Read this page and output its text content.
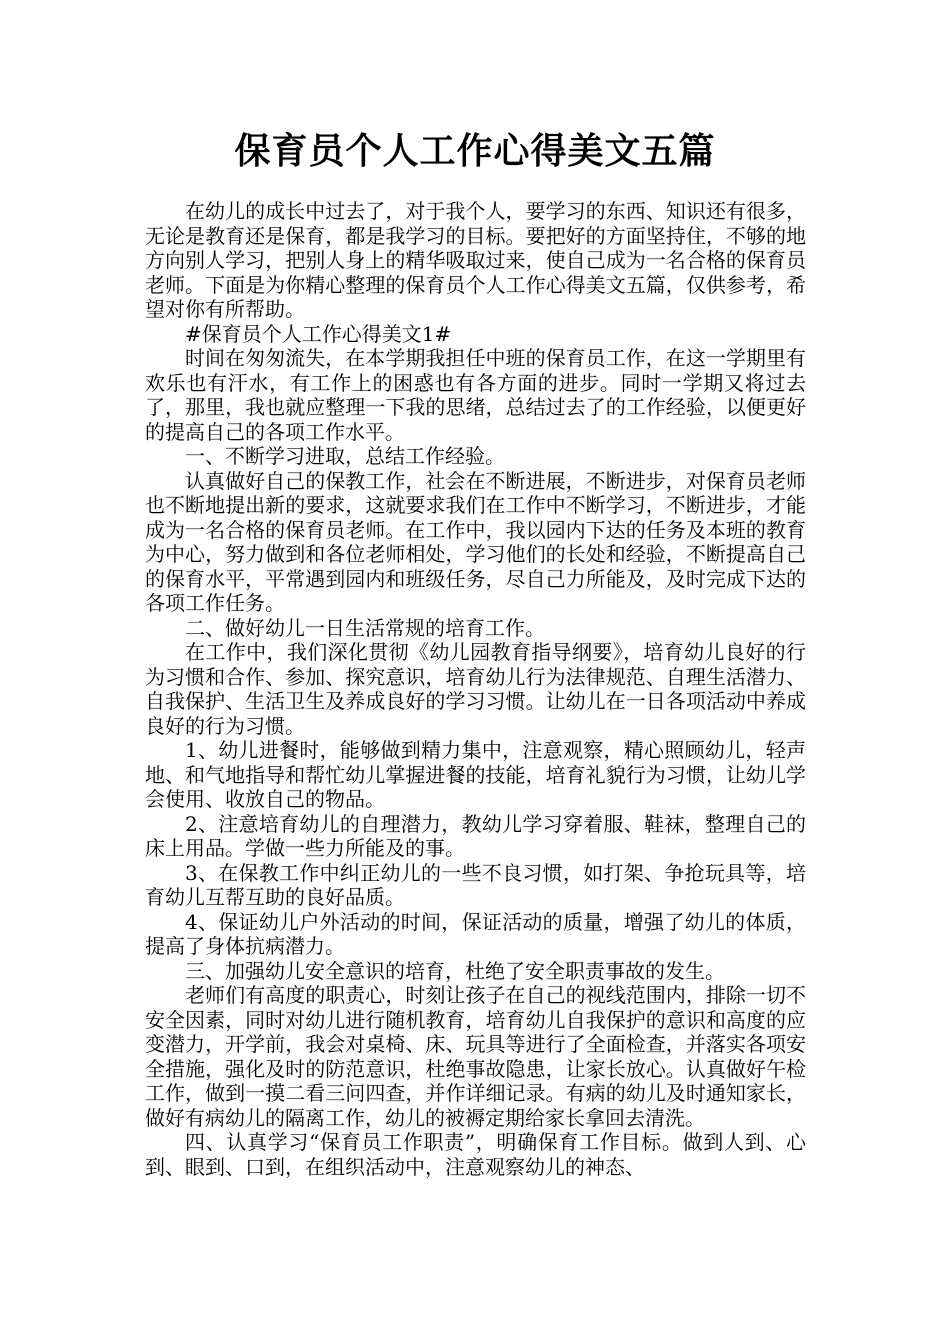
保育员个人工作心得美文五篇

在幼儿的成长中过去了，对于我个人，要学习的东西、知识还有很多，无论是教育还是保育，都是我学习的目标。要把好的方面坚持住，不够的地方向别人学习，把别人身上的精华吸取过来，使自己成为一名合格的保育员老师。下面是为你精心整理的保育员个人工作心得美文五篇，仅供参考，希望对你有所帮助。

#保育员个人工作心得美文1#

时间在匆匆流失，在本学期我担任中班的保育员工作，在这一学期里有欢乐也有汗水，有工作上的困惑也有各方面的进步。同时一学期又将过去了，那里，我也就应整理一下我的思绪，总结过去了的工作经验，以便更好的提高自己的各项工作水平。

一、不断学习进取，总结工作经验。

认真做好自己的保教工作，社会在不断进展，不断进步，对保育员老师也不断地提出新的要求，这就要求我们在工作中不断学习，不断进步，才能成为一名合格的保育员老师。在工作中，我以园内下达的任务及本班的教育为中心，努力做到和各位老师相处，学习他们的长处和经验，不断提高自己的保育水平，平常遇到园内和班级任务，尽自己力所能及，及时完成下达的各项工作任务。

二、做好幼儿一日生活常规的培育工作。

在工作中，我们深化贯彻《幼儿园教育指导纲要》，培育幼儿良好的行为习惯和合作、参加、探究意识，培育幼儿行为法律规范、自理生活潜力、自我保护、生活卫生及养成良好的学习习惯。让幼儿在一日各项活动中养成良好的行为习惯。

1、幼儿进餐时，能够做到精力集中，注意观察，精心照顾幼儿，轻声地、和气地指导和帮忙幼儿掌握进餐的技能，培育礼貌行为习惯，让幼儿学会使用、收放自己的物品。

2、注意培育幼儿的自理潜力，教幼儿学习穿着服、鞋袜，整理自己的床上用品。学做一些力所能及的事。

3、在保教工作中纠正幼儿的一些不良习惯，如打架、争抢玩具等，培育幼儿互帮互助的良好品质。

4、保证幼儿户外活动的时间，保证活动的质量，增强了幼儿的体质，提高了身体抗病潜力。

三、加强幼儿安全意识的培育，杜绝了安全职责事故的发生。

老师们有高度的职责心，时刻让孩子在自己的视线范围内，排除一切不安全因素，同时对幼儿进行随机教育，培育幼儿自我保护的意识和高度的应变潜力，开学前，我会对桌椅、床、玩具等进行了全面检查，并落实各项安全措施，强化及时的防范意识，杜绝事故隐患，让家长放心。认真做好午检工作，做到一摸二看三问四查，并作详细记录。有病的幼儿及时通知家长，做好有病幼儿的隔离工作，幼儿的被褥定期给家长拿回去清洗。

四、认真学习“保育员工作职责”，明确保育工作目标。做到人到、心到、眼到、口到，在组织活动中，注意观察幼儿的神态、
